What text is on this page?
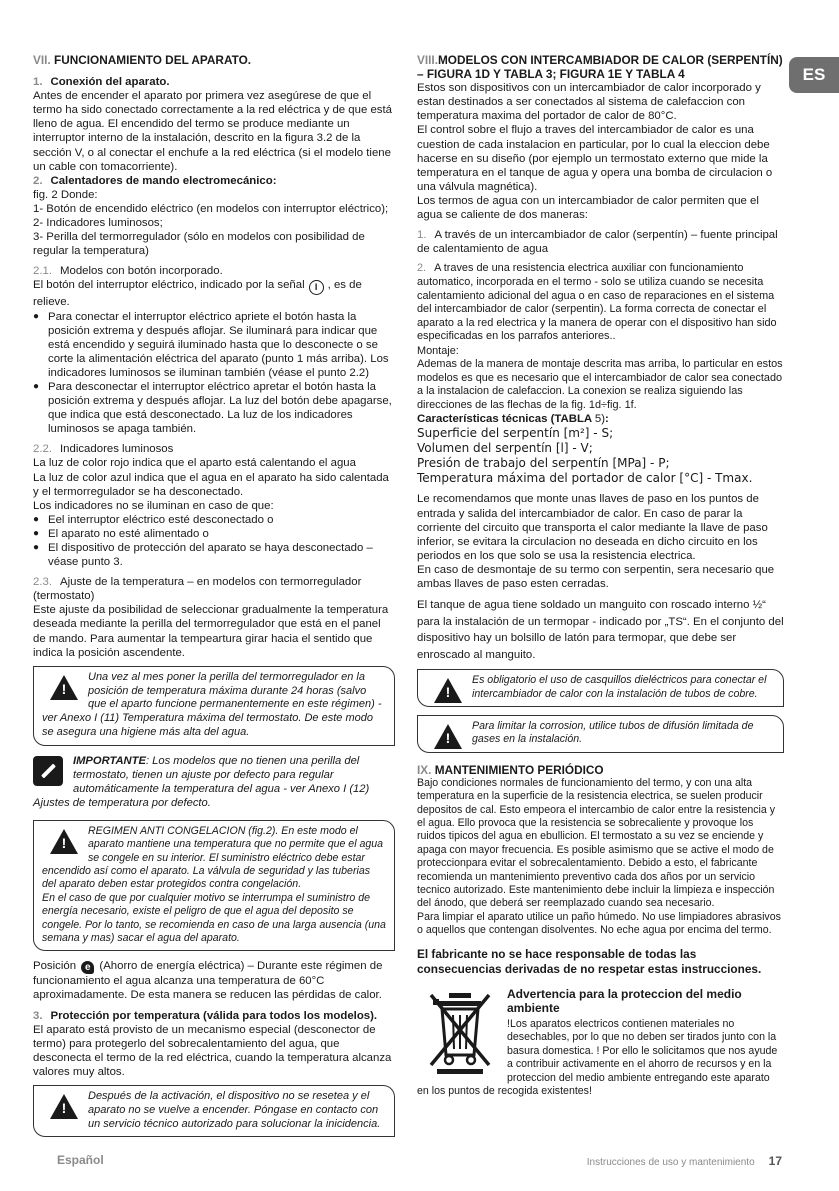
ES

VII. FUNCIONAMIENTO DEL APARATO.

1. Conexión del aparato.

Antes de encender el aparato por primera vez asegúrese de que el termo ha sido conectado correctamente a la red eléctrica y de que está lleno de agua. El encendido del termo se produce mediante un interruptor interno de la instalación, descrito en la figura 3.2 de la sección V, o al conectar el enchufe a la red eléctrica (si el modelo tiene un cable con tomacorriente).

2. Calentadores de mando electromecánico:

fig. 2 Donde:

1- Botón de encendido eléctrico (en modelos con interruptor eléctrico);

2- Indicadores luminosos;

3- Perilla del termorregulador (sólo en modelos con posibilidad de regular la temperatura)

2.1. Modelos con botón incorporado.

El botón del interruptor eléctrico, indicado por la señal I , es de relieve.

● Para conectar el interruptor eléctrico apriete el botón hasta la posición extrema y después aflojar. Se iluminará para indicar que está encendido y seguirá iluminado hasta que lo desconecte o se corte la alimentación eléctrica del aparato (punto 1 más arriba). Los indicadores luminosos se iluminan también (véase el punto 2.2)

● Para desconectar el interruptor eléctrico apretar el botón hasta la posición extrema y después aflojar. La luz del botón debe apagarse, que indica que está desconectado. La luz de los indicadores luminosos se apaga también.

2.2. Indicadores luminosos

La luz de color rojo indica que el aparto está calentando el agua

La luz de color azul indica que el agua en el aparato ha sido calentada y el termorregulador se ha desconectado.

Los indicadores no se iluminan en caso de que:

● Eel interruptor eléctrico esté desconectado o

● El aparato no esté alimentado o

● El dispositivo de protección del aparato se haya desconectado – véase punto 3.

2.3. Ajuste de la temperatura – en modelos con termorregulador (termostato)

Este ajuste da posibilidad de seleccionar gradualmente la temperatura deseada mediante la perilla del termorregulador que está en el panel de mando. Para aumentar la tempeartura girar hacia el sentido que indica la posición ascendente.

!
Una vez al mes poner la perilla del termorregulador en la posición de temperatura máxima durante 24 horas (salvo que el aparto funcione permanentemente en este régimen) - ver Anexo I (11) Temperatura máxima del termostato. De este modo se asegura una higiene más alta del agua.
IMPORTANTE: Los modelos que no tienen una perilla del termostato, tienen un ajuste por defecto para regular automáticamente la temperatura del agua - ver Anexo I (12) Ajustes de temperatura por defecto.
!
REGIMEN ANTI CONGELACION (fig.2). En este modo el aparato mantiene una temperatura que no permite que el agua se congele en su interior. El suministro eléctrico debe estar encendido así como el aparato. La válvula de seguridad y las tuberias del aparato deben estar protegidos contra congelación.
En el caso de que por cualquier motivo se interrumpa el suministro de energía necesario, existe el peligro de que el agua del deposito se congele. Por lo tanto, se recomienda en caso de una larga ausencia (una semana y mas) sacar el agua del aparato.

Posición e (Ahorro de energía eléctrica) – Durante este régimen de funcionamiento el agua alcanza una temperatura de 60°C aproximadamente. De esta manera se reducen las pérdidas de calor.

3. Protección por temperatura (válida para todos los modelos).

El aparato está provisto de un mecanismo especial (desconector de termo) para protegerlo del sobrecalentamiento del agua, que desconecta el termo de la red eléctrica, cuando la temperatura alcanza valores muy altos.

!
Después de la activación, el dispositivo no se resetea y el aparato no se vuelve a encender. Póngase en contacto con un servicio técnico autorizado para solucionar la inicidencia.

VIII.MODELOS CON INTERCAMBIADOR DE CALOR (SERPENTÍN) – FIGURA 1D Y TABLA 3; FIGURA 1E Y TABLA 4

Estos son dispositivos con un intercambiador de calor incorporado y estan destinados a ser conectados al sistema de calefaccion con temperatura maxima del portador de calor de 80°C.

El control sobre el flujo a traves del intercambiador de calor es una cuestion de cada instalacion en particular, por lo cual la eleccion debe hacerse en su diseño (por ejemplo un termostato externo que mide la temperatura en el tanque de agua y opera una bomba de circulacion o una válvula magnética).

Los termos de agua con un intercambiador de calor permiten que el agua se caliente de dos maneras:

1. A través de un intercambiador de calor (serpentín) – fuente principal de calentamiento de agua

2. A traves de una resistencia electrica auxiliar con funcionamiento automatico, incorporada en el termo - solo se utiliza cuando se necesita calentamiento adicional del agua o en caso de reparaciones en el sistema del intercambiador de calor (serpentin). La forma correcta de conectar el aparato a la red electrica y la manera de operar con el dispositivo han sido especificadas en los parrafos anteriores..

Montaje:

Ademas de la manera de montaje descrita mas arriba, lo particular en estos modelos es que es necesario que el intercambiador de calor sea conectado a la instalacion de calefaccion. La conexion se realiza siguiendo las direcciones de las flechas de la fig. 1d÷fig. 1f.

Características técnicas (TABLA 5):

Superficie del serpentín [m²] - S;

Volumen del serpentín [l] - V;

Presión de trabajo del serpentín [MPa] - P;

Temperatura máxima del portador de calor [°C] - Tmax.

Le recomendamos que monte unas llaves de paso en los puntos de entrada y salida del intercambiador de calor. En caso de parar la corriente del circuito que transporta el calor mediante la llave de paso inferior, se evitara la circulacion no deseada en dicho circuito en los periodos en los que solo se usa la resistencia electrica.

En caso de desmontaje de su termo con serpentin, sera necesario que ambas llaves de paso esten cerradas.

El tanque de agua tiene soldado un manguito con roscado interno ½“ para la instalación de un termopar - indicado por „TS“. En el conjunto del dispositivo hay un bolsillo de latón para termopar, que debe ser enroscado al manguito.

!
Es obligatorio el uso de casquillos dieléctricos para conectar el intercambiador de calor con la instalación de tubos de cobre.
!
Para limitar la corrosion, utilice tubos de difusión limitada de gases en la instalación.

IX. MANTENIMIENTO PERIÓDICO

Bajo condiciones normales de funcionamiento del termo, y con una alta temperatura en la superficie de la resistencia electrica, se suelen producir depositos de cal. Esto empeora el intercambio de calor entre la resistencia y el agua. Ello provoca que la resistencia se sobrecaliente y provoque los ruidos tipicos del agua en ebullicion. El termostato a su vez se enciende y apaga con mayor frecuencia. Es posible asimismo que se active el modo de proteccionpara evitar el sobrecalentamiento. Debido a esto, el fabricante recomienda un mantenimiento preventivo cada dos años por un servicio tecnico autorizado. Este mantenimiento debe incluir la limpieza e inspección del ánodo, que deberá ser reemplazado cuando sea necesario.

Para limpiar el aparato utilice un paño húmedo. No use limpiadores abrasivos o aquellos que contengan disolventes. No eche agua por encima del termo.

El fabricante no se hace responsable de todas las consecuencias derivadas de no respetar estas instrucciones.

Advertencia para la proteccion del medio ambiente

!Los aparatos electricos contienen materiales no desechables, por lo que no deben ser tirados junto con la basura domestica. ! Por ello le solicitamos que nos ayude a contribuir activamente en el ahorro de recursos y en la proteccion del medio ambiente entregando este aparato en los puntos de recogida existentes!

Español	Instrucciones de uso y mantenimiento 17
